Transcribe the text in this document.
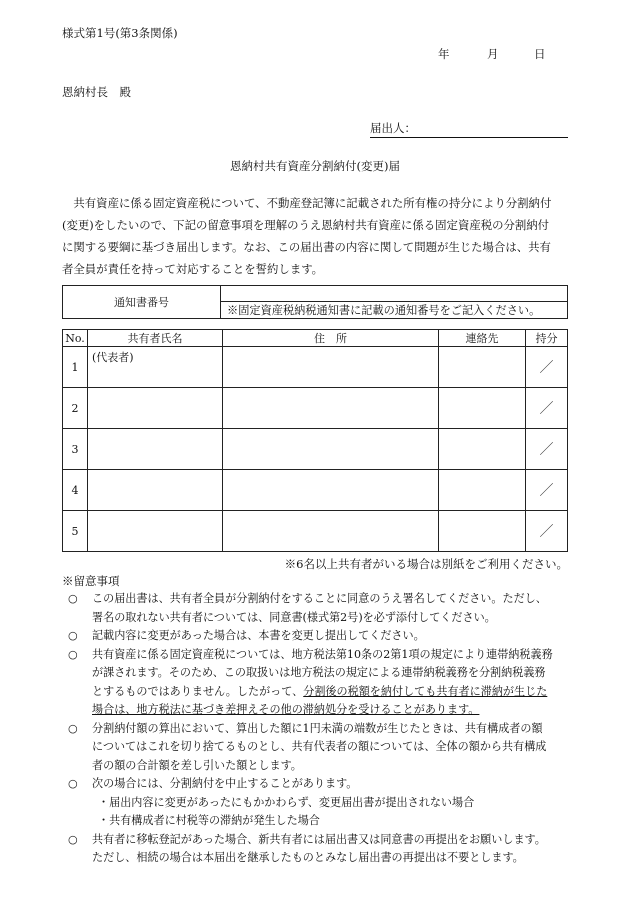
様式第1号(第3条関係)
年	月	日
恩納村長　殿
届出人：
恩納村共有資産分割納付(変更)届
　共有資産に係る固定資産税について、不動産登記簿に記載された所有権の持分により分割納付
(変更)をしたいので、下記の留意事項を理解のうえ恩納村共有資産に係る固定資産税の分割納付
に関する要綱に基づき届出します。なお、この届出書の内容に関して問題が生じた場合は、共有
者全員が責任を持って対応することを誓約します。
通知書番号	
※固定資産税納税通知書に記載の通知番号をご記入ください。
No.	共有者氏名	住　所	連絡先	持分
1	(代表者)			／
2				／
3				／
4				／
5				／
※6名以上共有者がいる場合は別紙をご利用ください。
※留意事項
○ この届出書は、共有者全員が分割納付をすることに同意のうえ署名してください。ただし、
署名の取れない共有者については、同意書(様式第2号)を必ず添付してください。
○ 記載内容に変更があった場合は、本書を変更し提出してください。
○ 共有資産に係る固定資産税については、地方税法第10条の2第1項の規定により連帯納税義務
が課されます。そのため、この取扱いは地方税法の規定による連帯納税義務を分割納税義務
とするものではありません。したがって、分割後の税額を納付しても共有者に滞納が生じた
場合は、地方税法に基づき差押えその他の滞納処分を受けることがあります。
○ 分割納付額の算出において、算出した額に1円未満の端数が生じたときは、共有構成者の額
についてはこれを切り捨てるものとし、共有代表者の額については、全体の額から共有構成
者の額の合計額を差し引いた額とします。
○ 次の場合には、分割納付を中止することがあります。
・届出内容に変更があったにもかかわらず、変更届出書が提出されない場合
・共有構成者に村税等の滞納が発生した場合
○ 共有者に移転登記があった場合、新共有者には届出書又は同意書の再提出をお願いします。
ただし、相続の場合は本届出を継承したものとみなし届出書の再提出は不要とします。
